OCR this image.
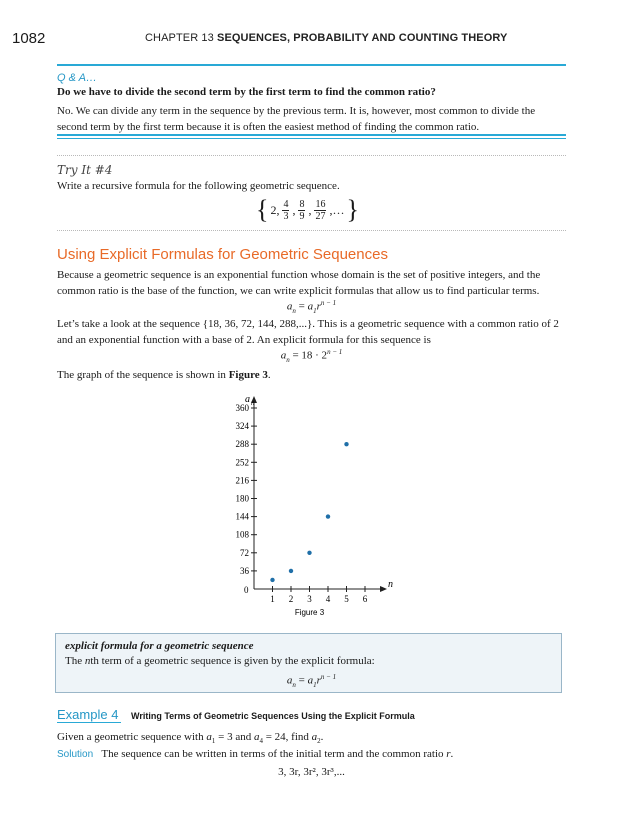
1082	CHAPTER 13 SEQUENCES, PROBABILITY AND COUNTING THEORY
Q & A…
Do we have to divide the second term by the first term to find the common ratio?
No. We can divide any term in the sequence by the previous term. It is, however, most common to divide the second term by the first term because it is often the easiest method of finding the common ratio.
Try It #4
Write a recursive formula for the following geometric sequence.
{ 2, 4
3 , 8
9 , 16
27 , … }
Using Explicit Formulas for Geometric Sequences
Because a geometric sequence is an exponential function whose domain is the set of positive integers, and the common ratio is the base of the function, we can write explicit formulas that allow us to find particular terms.
$a_n = a_1r^{n - 1}$
Let’s take a look at the sequence {18, 36, 72, 144, 288,...}. This is a geometric sequence with a common ratio of 2 and an exponential function with a base of 2. An explicit formula for this sequence is
$a_n = 18 \cdot 2^{n - 1}$
The graph of the sequence is shown in Figure 3.
a n
n
0
36
72
108
144
180
216
252
288
324
360
1 2 3 4 5 6
Figure 3
explicit formula for a geometric sequence
The nth term of a geometric sequence is given by the explicit formula:
$a_n = a_1r^{n - 1}$
Example 4 Writing Terms of Geometric Sequences Using the Explicit Formula
Given a geometric sequence with $a_1 = 3$ and $a_4 = 24$, find $a_2$.
Solution The sequence can be written in terms of the initial term and the common ratio r.
3, 3r, 3r², 3r³,...
